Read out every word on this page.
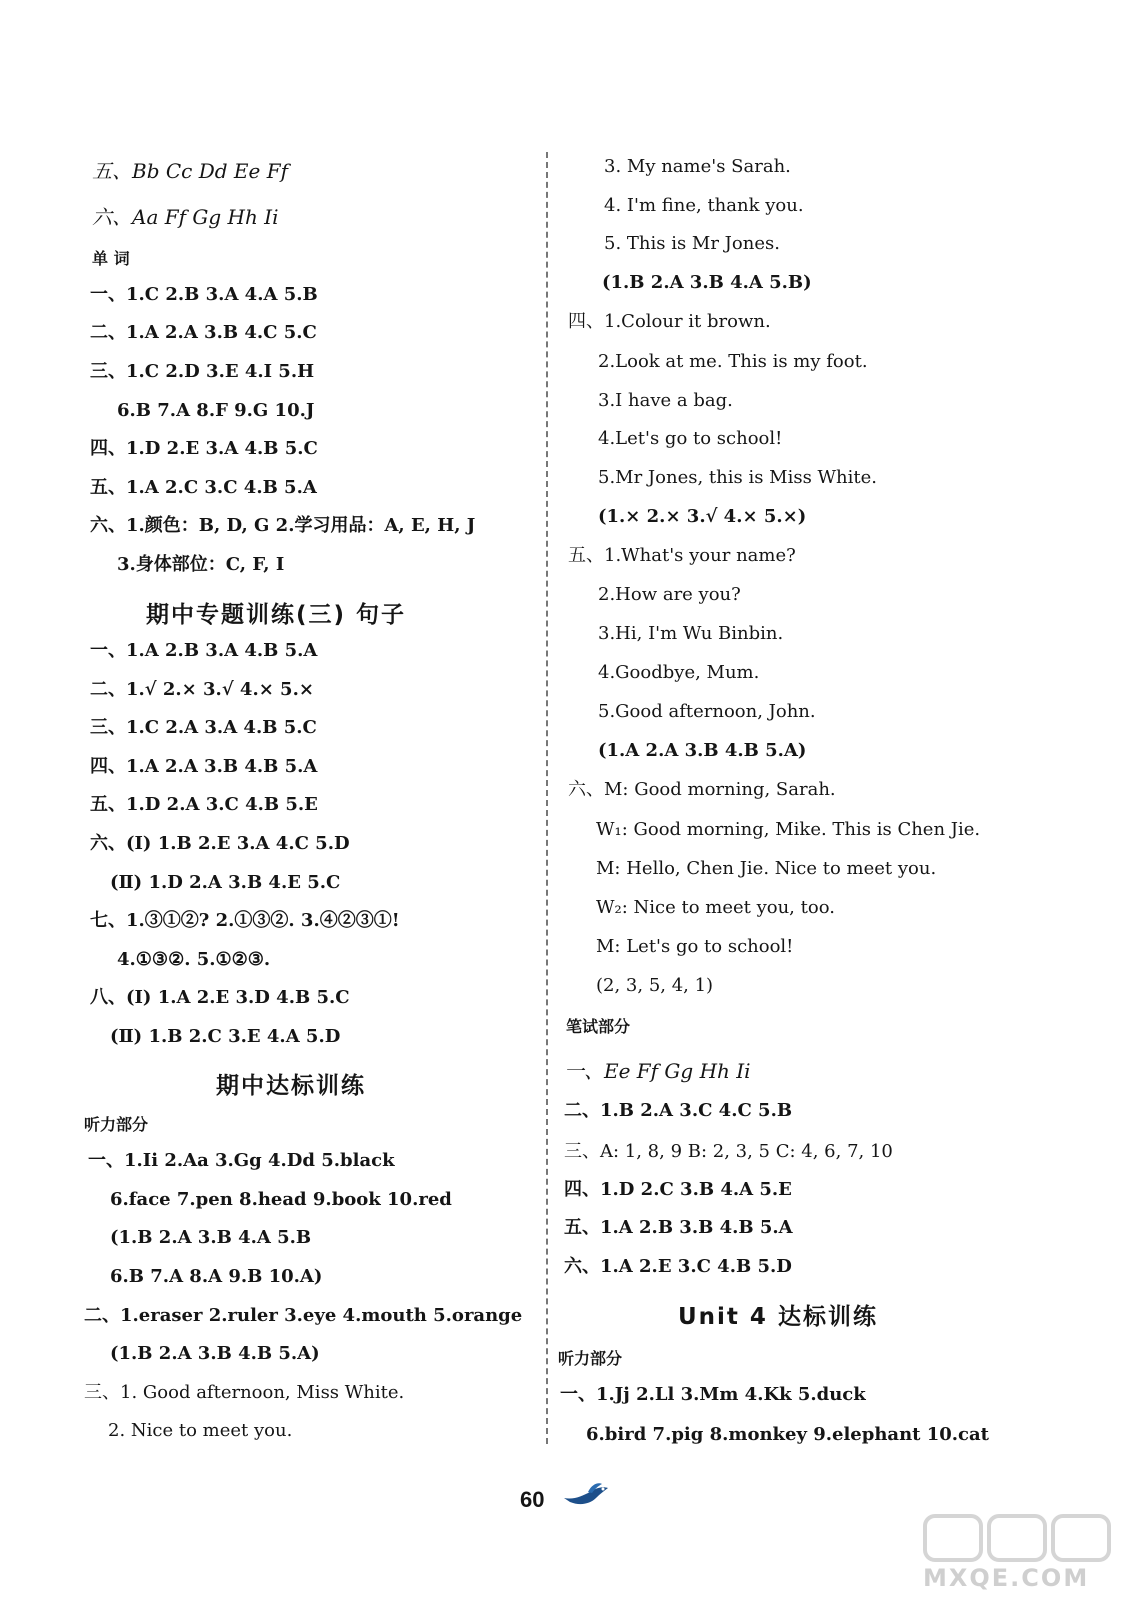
五、Bb Cc Dd Ee Ff
六、Aa Ff Gg Hh Ii
单 词
一、1.C 2.B 3.A 4.A 5.B
二、1.A 2.A 3.B 4.C 5.C
三、1.C 2.D 3.E 4.I 5.H
6.B 7.A 8.F 9.G 10.J
四、1.D 2.E 3.A 4.B 5.C
五、1.A 2.C 3.C 4.B 5.A
六、1.颜色：B, D, G 2.学习用品：A, E, H, J
3.身体部位：C, F, I
期中专题训练(三) 句子
一、1.A 2.B 3.A 4.B 5.A
二、1.√ 2.× 3.√ 4.× 5.×
三、1.C 2.A 3.A 4.B 5.C
四、1.A 2.A 3.B 4.B 5.A
五、1.D 2.A 3.C 4.B 5.E
六、(Ⅰ) 1.B 2.E 3.A 4.C 5.D
(Ⅱ) 1.D 2.A 3.B 4.E 5.C
七、1.③①②? 2.①③②. 3.④②③①!
4.①③②. 5.①②③.
八、(Ⅰ) 1.A 2.E 3.D 4.B 5.C
(Ⅱ) 1.B 2.C 3.E 4.A 5.D
期中达标训练
听力部分
一、1.Ii 2.Aa 3.Gg 4.Dd 5.black
6.face 7.pen 8.head 9.book 10.red
(1.B 2.A 3.B 4.A 5.B
6.B 7.A 8.A 9.B 10.A)
二、1.eraser 2.ruler 3.eye 4.mouth 5.orange
(1.B 2.A 3.B 4.B 5.A)
三、1. Good afternoon, Miss White.
2. Nice to meet you.
3. My name's Sarah.
4. I'm fine, thank you.
5. This is Mr Jones.
(1.B 2.A 3.B 4.A 5.B)
四、1.Colour it brown.
2.Look at me. This is my foot.
3.I have a bag.
4.Let's go to school!
5.Mr Jones, this is Miss White.
(1.× 2.× 3.√ 4.× 5.×)
五、1.What's your name?
2.How are you?
3.Hi, I'm Wu Binbin.
4.Goodbye, Mum.
5.Good afternoon, John.
(1.A 2.A 3.B 4.B 5.A)
六、M: Good morning, Sarah.
W₁: Good morning, Mike. This is Chen Jie.
M: Hello, Chen Jie. Nice to meet you.
W₂: Nice to meet you, too.
M: Let's go to school!
(2, 3, 5, 4, 1)
笔试部分
一、Ee Ff Gg Hh Ii
二、1.B 2.A 3.C 4.C 5.B
三、A: 1, 8, 9 B: 2, 3, 5 C: 4, 6, 7, 10
四、1.D 2.C 3.B 4.A 5.E
五、1.A 2.B 3.B 4.B 5.A
六、1.A 2.E 3.C 4.B 5.D
Unit 4 达标训练
听力部分
一、1.Jj 2.Ll 3.Mm 4.Kk 5.duck
6.bird 7.pig 8.monkey 9.elephant 10.cat
60
MXQE.COM
